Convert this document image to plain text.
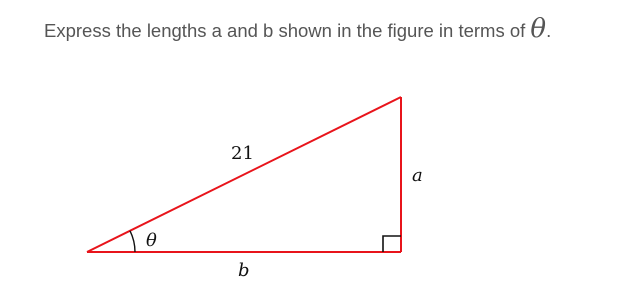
Express the lengths a and b shown in the figure in terms of θ.
21
a
b
θ
